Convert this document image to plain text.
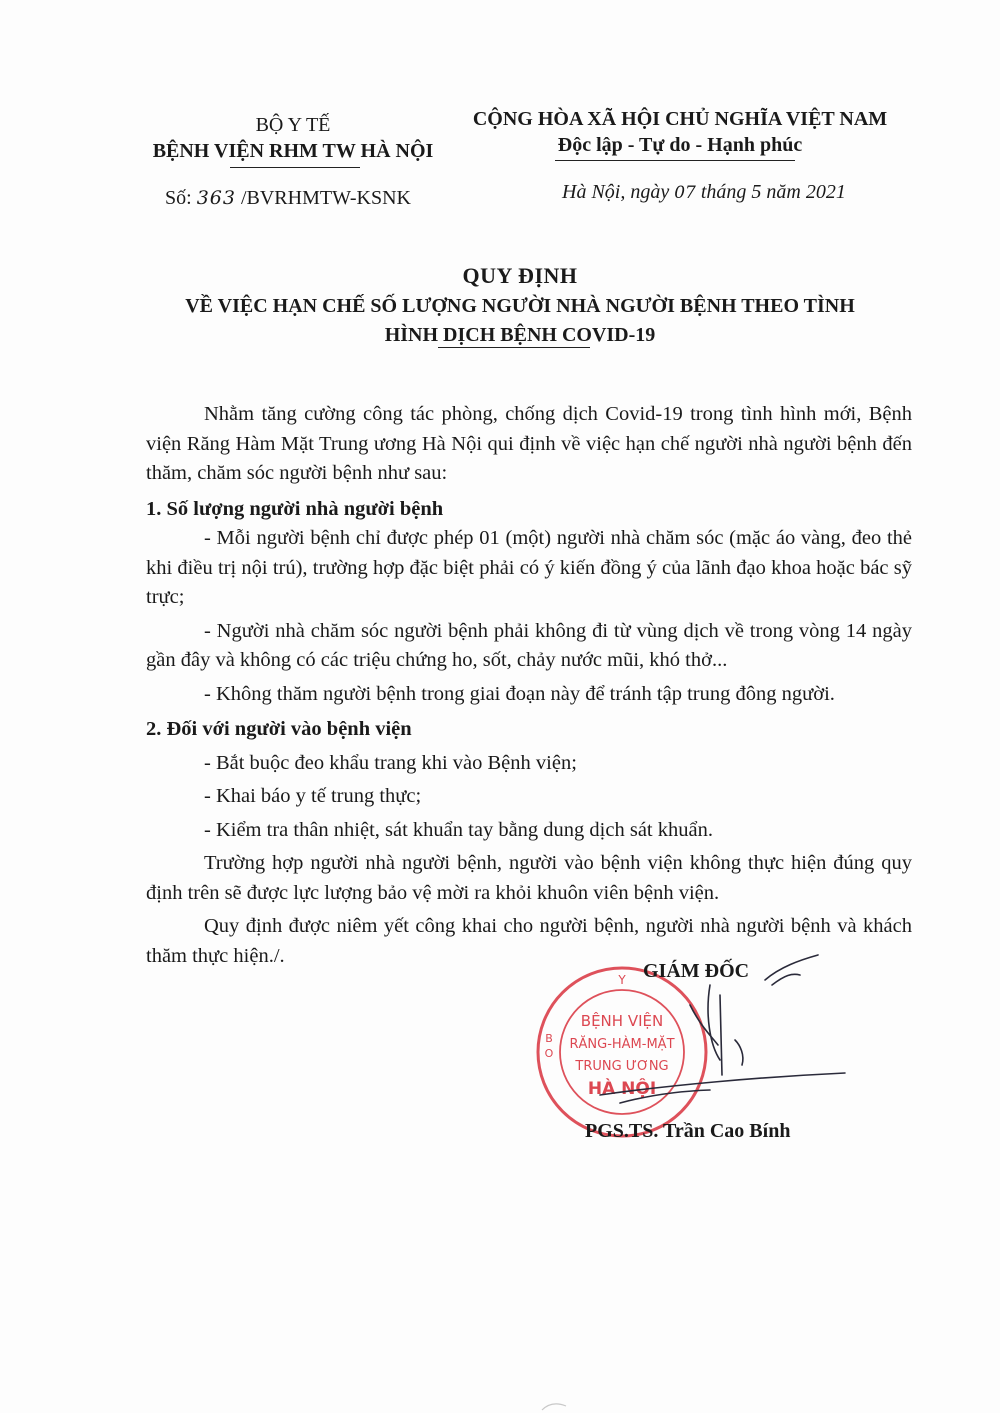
BỘ Y TẾ
BỆNH VIỆN RHM TW HÀ NỘI
CỘNG HÒA XÃ HỘI CHỦ NGHĨA VIỆT NAM
Độc lập - Tự do - Hạnh phúc
Số: 363 /BVRHMTW-KSNK	Hà Nội, ngày 07 tháng 5 năm 2021
QUY ĐỊNH
VỀ VIỆC HẠN CHẾ SỐ LƯỢNG NGƯỜI NHÀ NGƯỜI BỆNH THEO TÌNH
HÌNH DỊCH BỆNH COVID-19

Nhằm tăng cường công tác phòng, chống dịch Covid-19 trong tình hình mới, Bệnh viện Răng Hàm Mặt Trung ương Hà Nội qui định về việc hạn chế người nhà người bệnh đến thăm, chăm sóc người bệnh như sau:

1. Số lượng người nhà người bệnh

- Mỗi người bệnh chỉ được phép 01 (một) người nhà chăm sóc (mặc áo vàng, đeo thẻ khi điều trị nội trú), trường hợp đặc biệt phải có ý kiến đồng ý của lãnh đạo khoa hoặc bác sỹ trực;

- Người nhà chăm sóc người bệnh phải không đi từ vùng dịch về trong vòng 14 ngày gần đây và không có các triệu chứng ho, sốt, chảy nước mũi, khó thở...

- Không thăm người bệnh trong giai đoạn này để tránh tập trung đông người.

2. Đối với người vào bệnh viện

- Bắt buộc đeo khẩu trang khi vào Bệnh viện;

- Khai báo y tế trung thực;

- Kiểm tra thân nhiệt, sát khuẩn tay bằng dung dịch sát khuẩn.

Trường hợp người nhà người bệnh, người vào bệnh viện không thực hiện đúng quy định trên sẽ được lực lượng bảo vệ mời ra khỏi khuôn viên bệnh viện.

Quy định được niêm yết công khai cho người bệnh, người nhà người bệnh và khách thăm thực hiện./.

Y
B
O
BỆNH VIỆN
RĂNG-HÀM-MẶT
TRUNG ƯƠNG
HÀ NỘI
GIÁM ĐỐC
PGS.TS. Trần Cao Bính
